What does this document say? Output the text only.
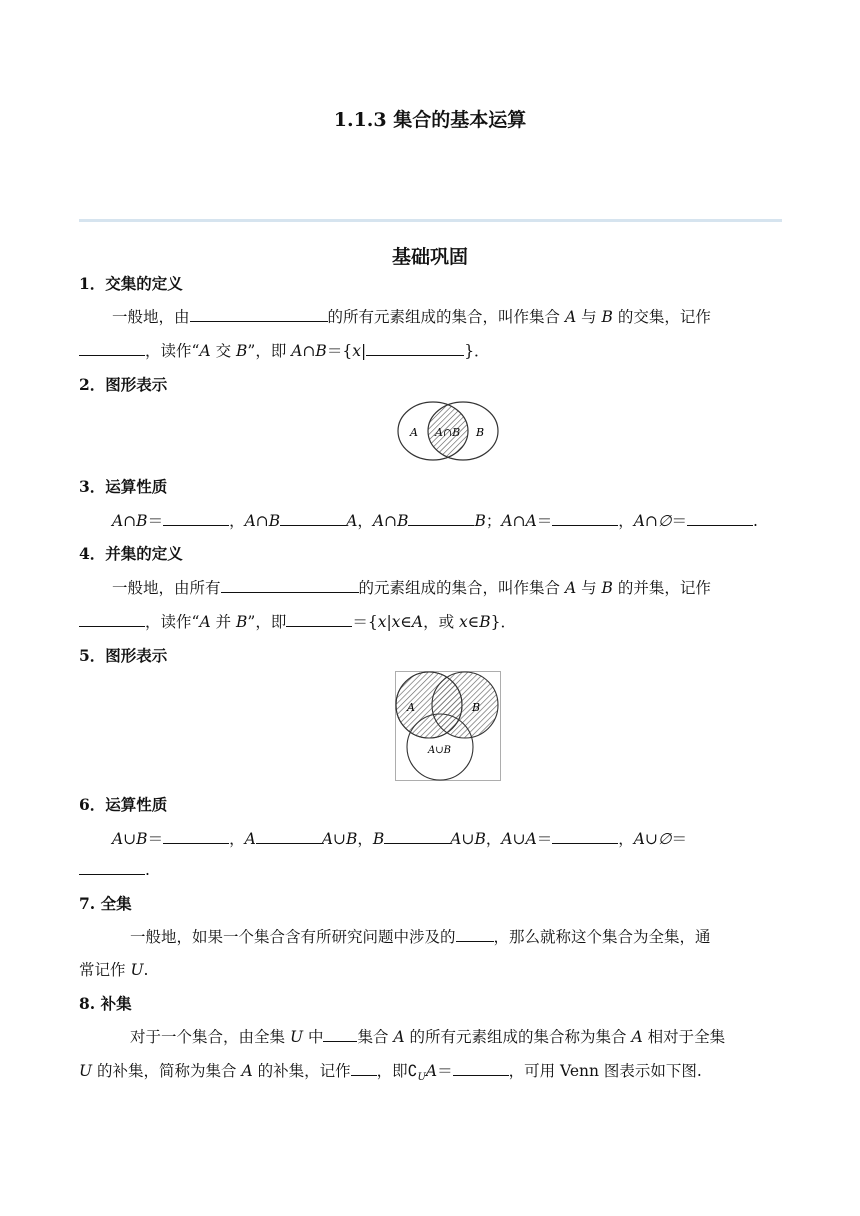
1.1.3 集合的基本运算
基础巩固
1．交集的定义
一般地，由	的所有元素组成的集合，叫作集合 A 与 B 的交集，记作
，读作“A 交 B”，即 A∩B＝{x|	}．
2．图形表示
A A∩B B
3．运算性质
A∩B＝	，A∩B	A，A∩B	B；A∩A＝	，A∩∅＝	.
4．并集的定义
一般地，由所有	的元素组成的集合，叫作集合 A 与 B 的并集，记作
，读作“A 并 B”，即	＝{x|x∈A，或 x∈B}．
5．图形表示
A	B
A∪B
6．运算性质
A∪B＝	，A	A∪B，B	A∪B，A∪A＝	，A∪∅＝
.
7. 全集
一般地，如果一个集合含有所研究问题中涉及的 ，那么就称这个集合为全集，通
常记作 U.
8. 补集
对于一个集合，由全集 U 中 集合 A 的所有元素组成的集合称为集合 A 相对于全集
U 的补集，简称为集合 A 的补集，记作 ，即$∁_UA=$	，可用 Venn 图表示如下图.
